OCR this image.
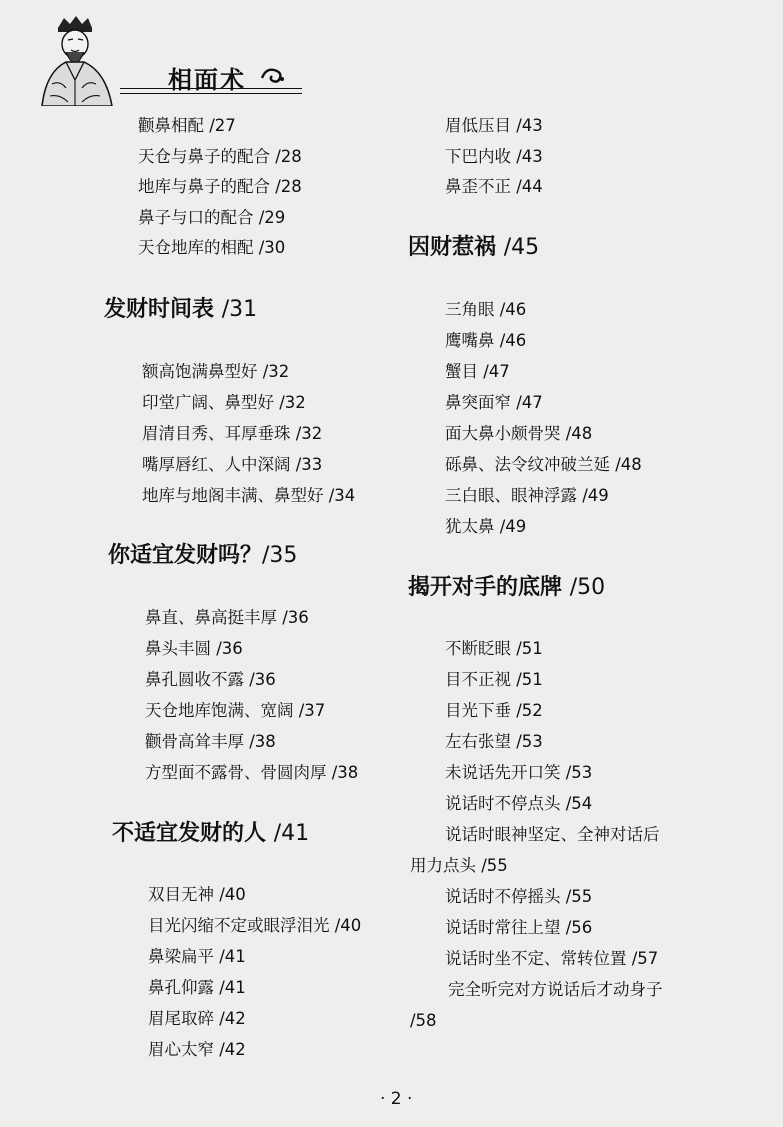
相面术
颧鼻相配 /27
天仓与鼻子的配合 /28
地库与鼻子的配合 /28
鼻子与口的配合 /29
天仓地库的相配 /30
发财时间表 /31
额高饱满鼻型好 /32
印堂广阔、鼻型好 /32
眉清目秀、耳厚垂珠 /32
嘴厚唇红、人中深阔 /33
地库与地阁丰满、鼻型好 /34
你适宜发财吗？/35
鼻直、鼻高挺丰厚 /36
鼻头丰圆 /36
鼻孔圆收不露 /36
天仓地库饱满、宽阔 /37
颧骨高耸丰厚 /38
方型面不露骨、骨圆肉厚 /38
不适宜发财的人 /41
双目无神 /40
目光闪缩不定或眼浮泪光 /40
鼻梁扁平 /41
鼻孔仰露 /41
眉尾取碎 /42
眉心太窄 /42
眉低压目 /43
下巴内收 /43
鼻歪不正 /44
因财惹祸 /45
三角眼 /46
鹰嘴鼻 /46
蟹目 /47
鼻突面窄 /47
面大鼻小颇骨哭 /48
砾鼻、法令纹冲破兰延 /48
三白眼、眼神浮露 /49
犹太鼻 /49
揭开对手的底牌 /50
不断眨眼 /51
目不正视 /51
目光下垂 /52
左右张望 /53
未说话先开口笑 /53
说话时不停点头 /54
说话时眼神坚定、全神对话后
用力点头 /55
说话时不停摇头 /55
说话时常往上望 /56
说话时坐不定、常转位置 /57
完全听完对方说话后才动身子
/58
· 2 ·
